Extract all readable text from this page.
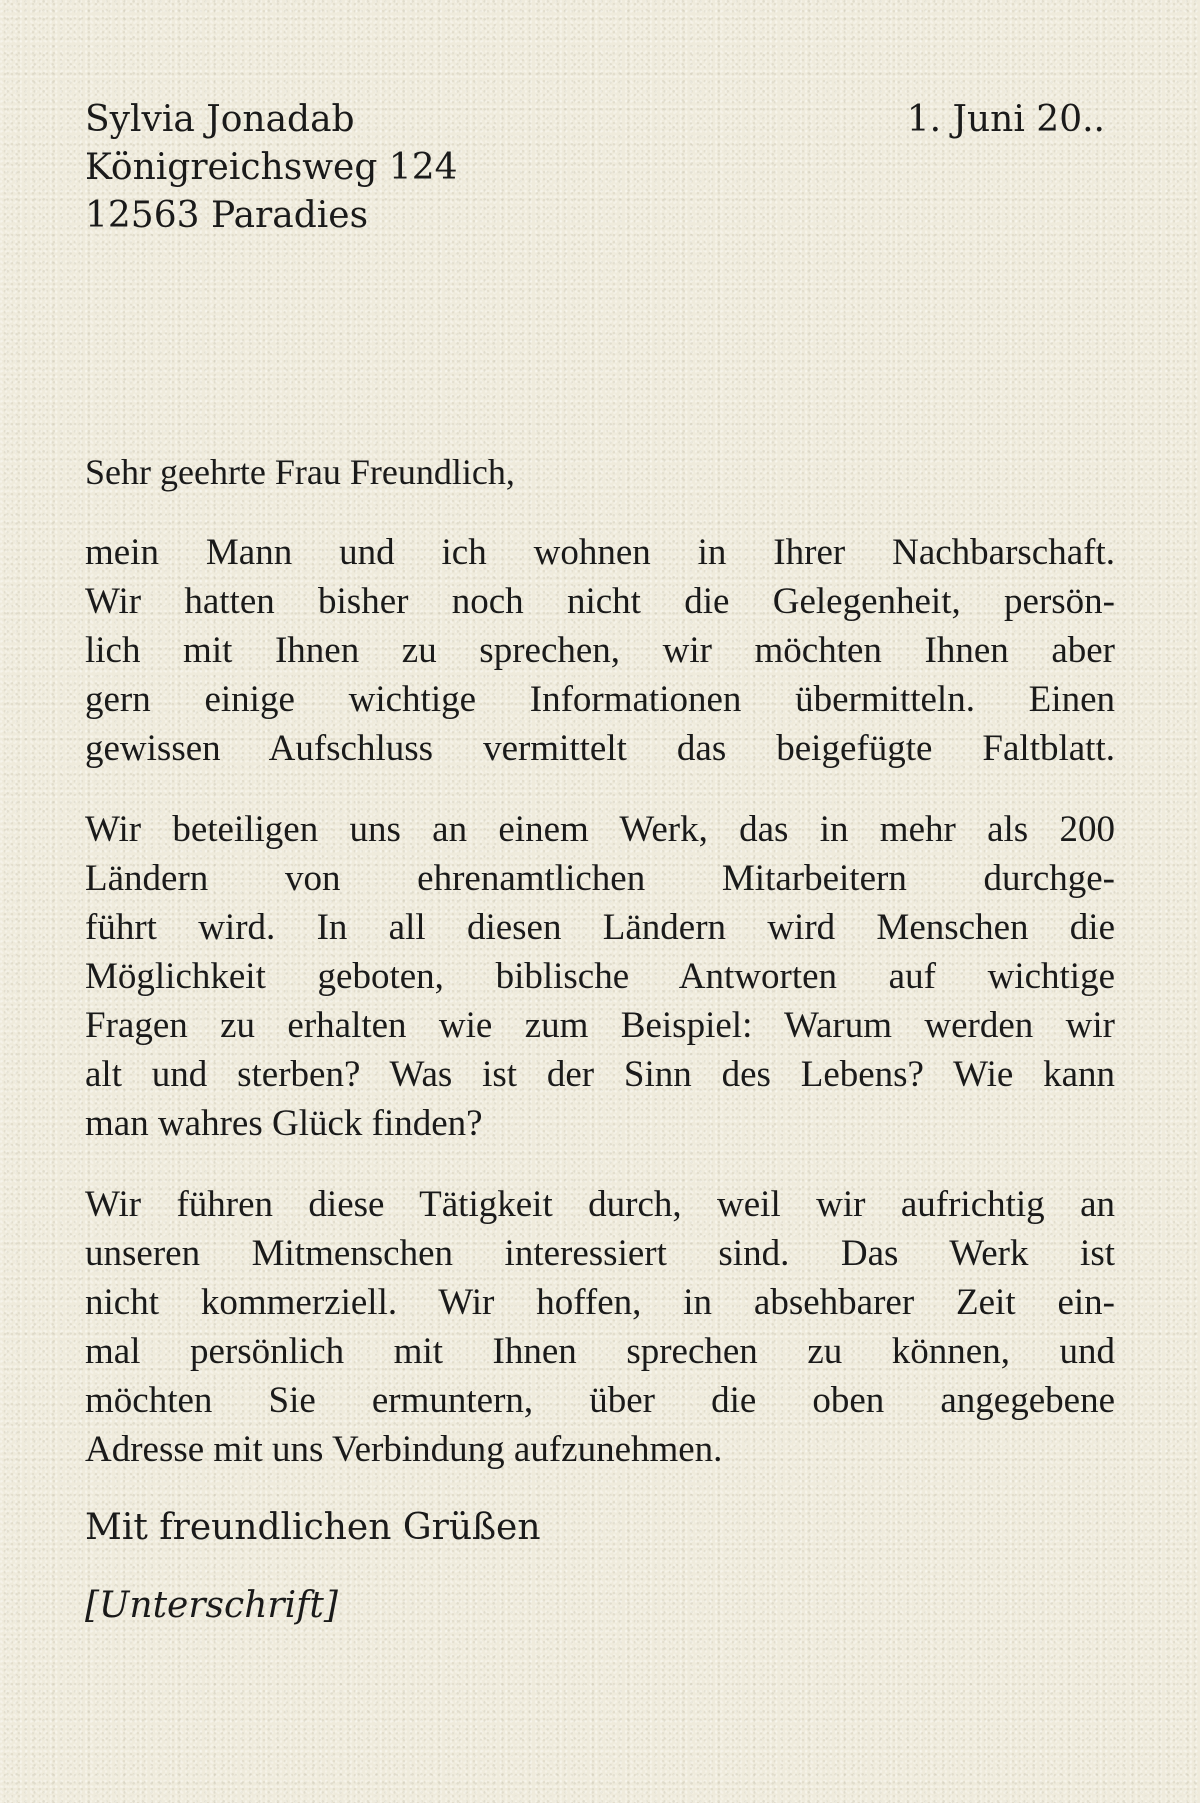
Sylvia Jonadab
Königreichsweg 124
12563 Paradies
1. Juni 20..
Sehr geehrte Frau Freundlich,
mein Mann und ich wohnen in Ihrer Nachbarschaft.
Wir hatten bisher noch nicht die Gelegenheit, persön-
lich mit Ihnen zu sprechen, wir möchten Ihnen aber
gern einige wichtige Informationen übermitteln. Einen
gewissen Aufschluss vermittelt das beigefügte Faltblatt.
Wir beteiligen uns an einem Werk, das in mehr als 200
Ländern von ehrenamtlichen Mitarbeitern durchge-
führt wird. In all diesen Ländern wird Menschen die
Möglichkeit geboten, biblische Antworten auf wichtige
Fragen zu erhalten wie zum Beispiel: Warum werden wir
alt und sterben? Was ist der Sinn des Lebens? Wie kann
man wahres Glück finden?
Wir führen diese Tätigkeit durch, weil wir aufrichtig an
unseren Mitmenschen interessiert sind. Das Werk ist
nicht kommerziell. Wir hoffen, in absehbarer Zeit ein-
mal persönlich mit Ihnen sprechen zu können, und
möchten Sie ermuntern, über die oben angegebene
Adresse mit uns Verbindung aufzunehmen.
Mit freundlichen Grüßen
[Unterschrift]
